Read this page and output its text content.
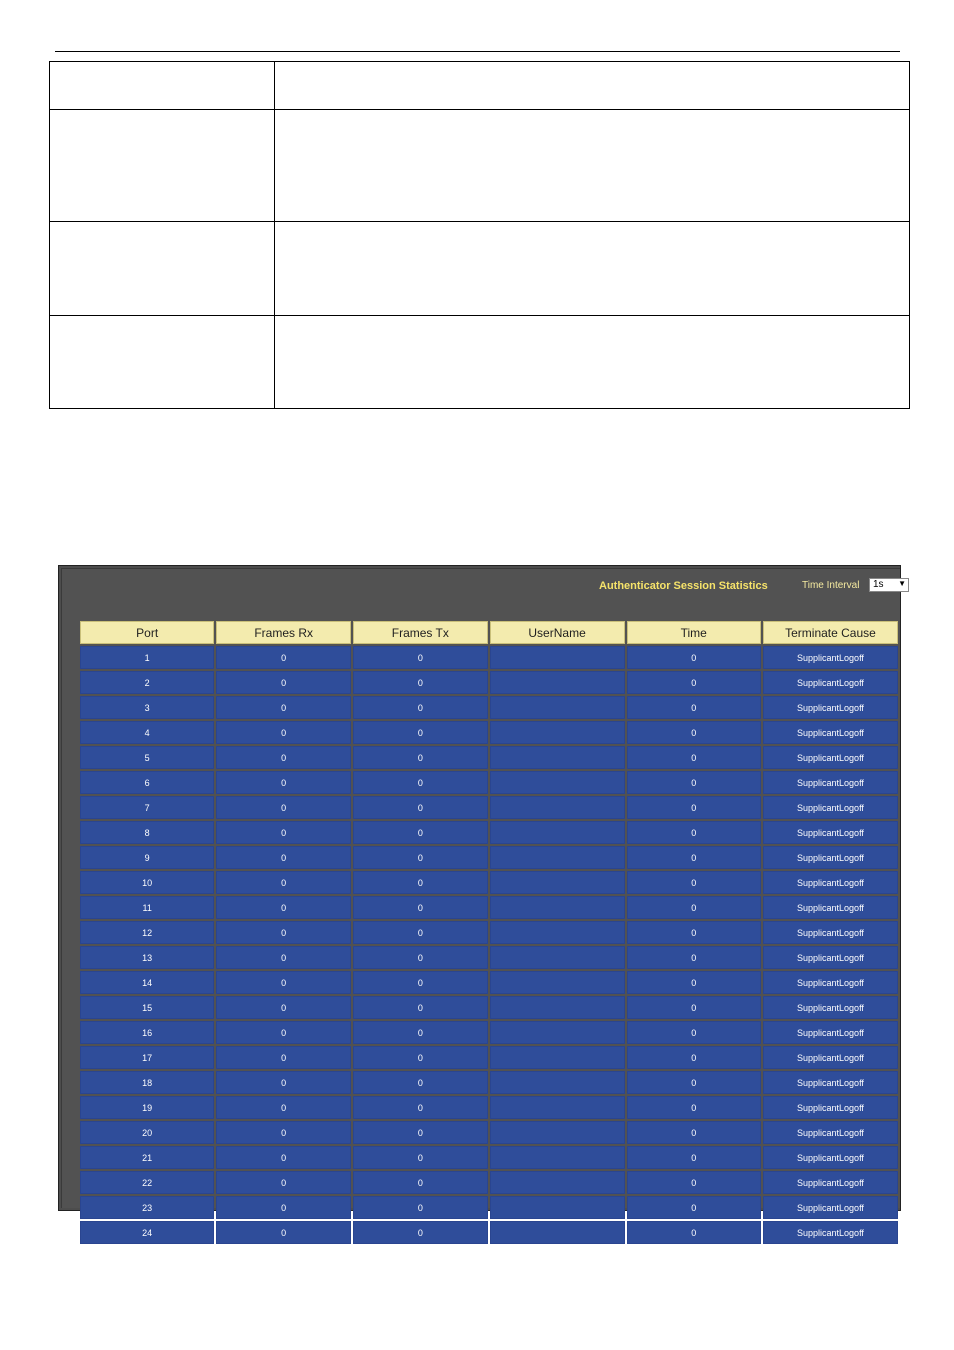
Authenticator Session Statistics	Time Interval 1s ▼
Port	Frames Rx	Frames Tx	UserName	Time	Terminate Cause
1	0	0		0	SupplicantLogoff
2	0	0		0	SupplicantLogoff
3	0	0		0	SupplicantLogoff
4	0	0		0	SupplicantLogoff
5	0	0		0	SupplicantLogoff
6	0	0		0	SupplicantLogoff
7	0	0		0	SupplicantLogoff
8	0	0		0	SupplicantLogoff
9	0	0		0	SupplicantLogoff
10	0	0		0	SupplicantLogoff
11	0	0		0	SupplicantLogoff
12	0	0		0	SupplicantLogoff
13	0	0		0	SupplicantLogoff
14	0	0		0	SupplicantLogoff
15	0	0		0	SupplicantLogoff
16	0	0		0	SupplicantLogoff
17	0	0		0	SupplicantLogoff
18	0	0		0	SupplicantLogoff
19	0	0		0	SupplicantLogoff
20	0	0		0	SupplicantLogoff
21	0	0		0	SupplicantLogoff
22	0	0		0	SupplicantLogoff
23	0	0		0	SupplicantLogoff
24	0	0		0	SupplicantLogoff
